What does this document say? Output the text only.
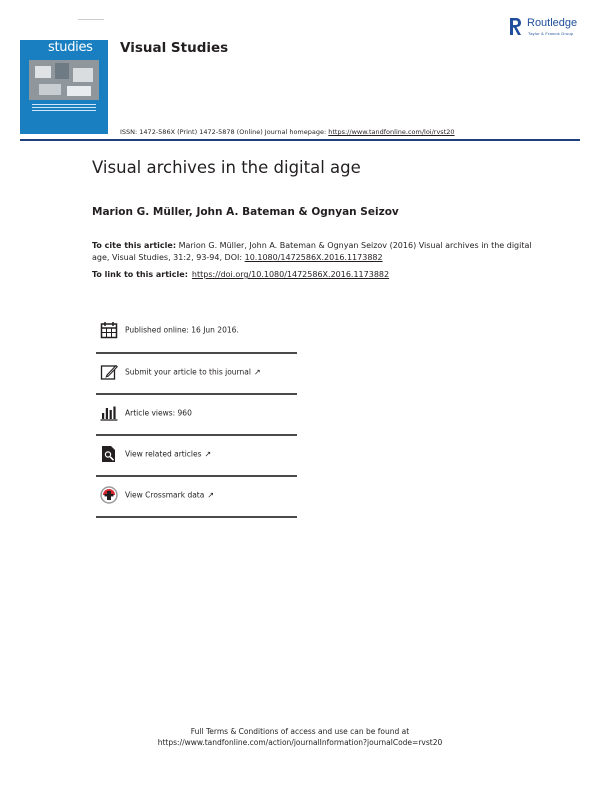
visual
studies Visual Studies
Routledge
Taylor & Francis Group
ISSN: 1472-586X (Print) 1472-5878 (Online) Journal homepage: https://www.tandfonline.com/loi/rvst20
Visual archives in the digital age
Marion G. Müller, John A. Bateman & Ognyan Seizov
To cite this article: Marion G. Müller, John A. Bateman & Ognyan Seizov (2016) Visual archives in the digital age, Visual Studies, 31:2, 93-94, DOI: 10.1080/1472586X.2016.1173882
To link to this article: https://doi.org/10.1080/1472586X.2016.1173882
Published online: 16 Jun 2016.
Submit your article to this journal ↗
Article views: 960
View related articles ↗
View Crossmark data ↗
Full Terms & Conditions of access and use can be found at
https://www.tandfonline.com/action/journalInformation?journalCode=rvst20
